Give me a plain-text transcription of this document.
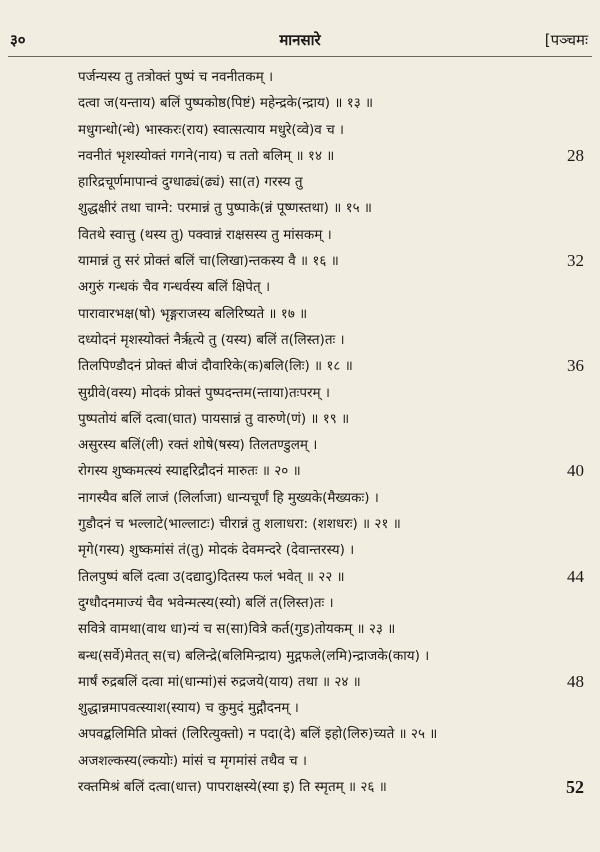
३०	मानसारे	[पञ्चमः
पर्जन्यस्य तु तत्रोक्तं पुष्पं च नवनीतकम् ।
दत्वा ज(यन्ताय) बलिं पुष्पकोष्ठ(पिष्टं) महेन्द्रके(न्द्राय) ॥ १३ ॥
मधुगन्धो(न्धे) भास्करः(राय) स्वात्सत्याय मधुरे(व्वे)व च ।
नवनीतं भृशस्योक्तं गगने(नाय) च ततो बलिम् ॥ १४ ॥	28
हारिद्रचूर्णमापान्वं दुग्धाढ्यं(ढ्यं) सा(त) गरस्य तु
शुद्धक्षीरं तथा चाग्ने: परमान्नं तु पुष्पाके(न्नं पूष्णस्तथा) ॥ १५ ॥
वितथे स्वात्तु (थस्य तु) पक्वान्नं राक्षसस्य तु मांसकम् ।
यामान्नं तु सरं प्रोक्तं बलिं चा(लिखा)न्तकस्य वै ॥ १६ ॥	32
अगुरुं गन्धकं चैव गन्धर्वस्य बलिं क्षिपेत् ।
पारावारभक्ष(षो) भृङ्गराजस्य बलिरिष्यते ॥ १७ ॥
दध्योदनं मृशस्योक्तं नैर्ऋत्ये तु (यस्य) बलिं त(लिस्त)तः ।
तिलपिण्डौदनं प्रोक्तं बीजं दौवारिके(क)बलि(लिः) ॥ १८ ॥	36
सुग्रीवे(वस्य) मोदकं प्रोक्तं पुष्पदन्तम(न्ताया)तःपरम् ।
पुष्पतोयं बलिं दत्वा(घात) पायसान्नं तु वारुणे(णं) ॥ १९ ॥
असुरस्य बलिं(ली) रक्तं शोषे(षस्य) तिलतण्डुलम् ।
रोगस्य शुष्कमत्स्यं स्याद्दरिद्रौदनं मारुतः ॥ २० ॥	40
नागस्यैव बलिं लाजं (लिर्लाजा) धान्यचूर्णं हि मुख्यके(मैख्यकः) ।
गुडौदनं च भल्लाटे(भाल्लाटः) चीरान्नं तु शलाधरा: (शशधरः) ॥ २१ ॥
मृगे(गस्य) शुष्कमांसं तं(तु) मोदकं देवमन्दरे (देवान्तरस्य) ।
तिलपुष्पं बलिं दत्वा उ(दद्यादु)दितस्य फलं भवेत् ॥ २२ ॥	44
दुग्धौदनमाज्यं चैव भवेन्मत्स्य(स्यो) बलिं त(लिस्त)तः ।
सवित्रे वामथा(वाथ धा)न्यं च स(सा)वित्रे कर्त(गुड)तोयकम् ॥ २३ ॥
बन्ध(सर्वे)मेतत् स(च) बलिन्द्रे(बलिमिन्द्राय) मुद्गफले(लमि)न्द्राजके(काय) ।
मार्षं रुद्रबलिं दत्वा मां(धान्मां)सं रुद्रजये(याय) तथा ॥ २४ ॥	48
शुद्धान्नमापवत्स्याश(स्याय) च कुमुदं मुद्गौदनम् ।
अपवद्बलिमिति प्रोक्तं (लिरित्युक्तो) न पदा(दे) बलिं इहो(लिरु)च्यते ॥ २५ ॥
अजशल्कस्य(ल्कयोः) मांसं च मृगमांसं तथैव च ।
रक्तमिश्रं बलिं दत्वा(धात्त) पापराक्षस्ये(स्या इ) ति स्मृतम् ॥ २६ ॥	52
